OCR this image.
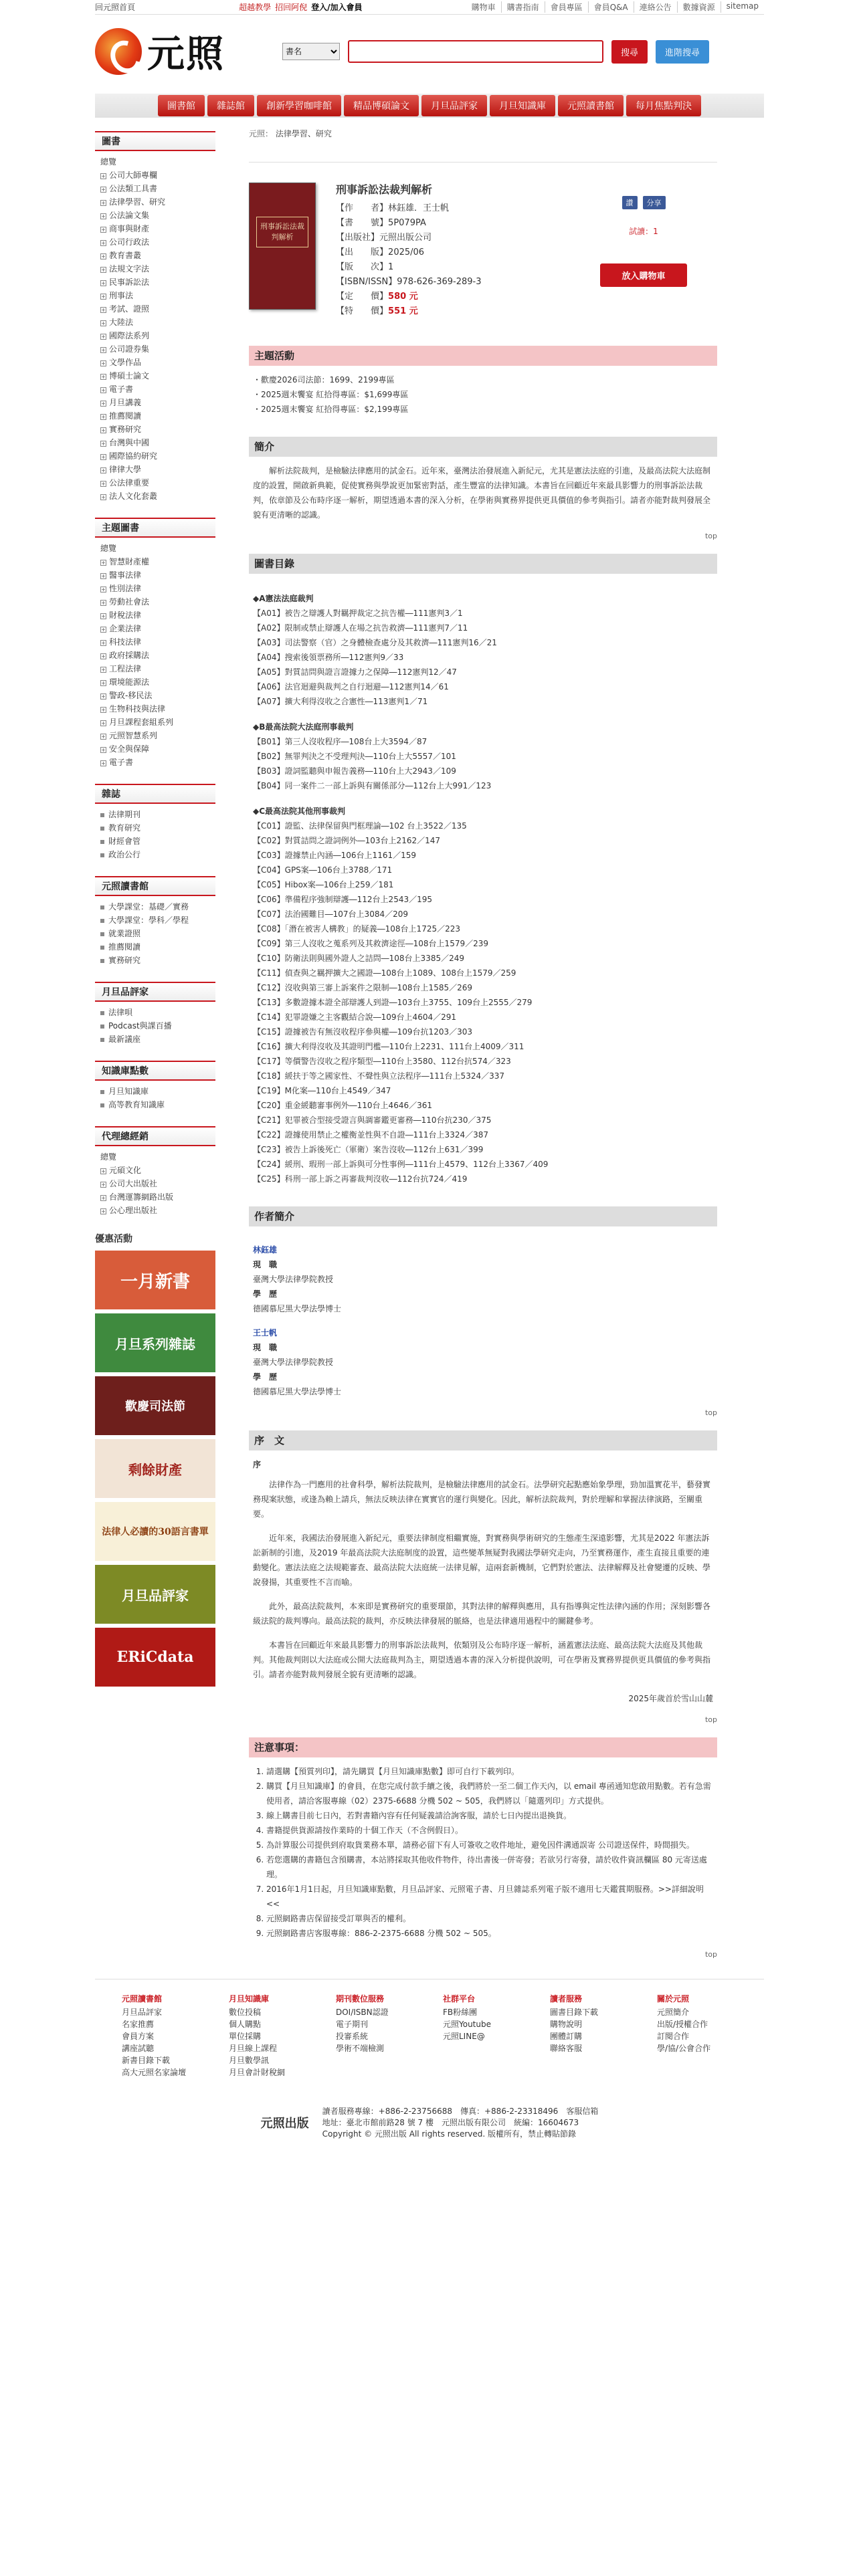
回元照首頁	超越教學 招回阿倪 登入/加入會員	購物車	購書指南	會員專區	會員Q&A	連絡公告	數據資源	sitemap
元照
書名	搜尋	進階搜尋
圖書館	雜誌館	創新學習咖啡館	精品博碩論文	月旦品評家	月旦知識庫	元照讀書館	每月焦點判決
圖書
總覽
+ 公司大師專欄
+ 公法類工具書
+ 法律學習、研究
+ 公法論文集
+ 商事與財產
+ 公司行政法
+ 教育書叢
+ 法規文字法
+ 民事訴訟法
+ 刑事法
+ 考試、證照
+ 大陸法
+ 國際法系列
+ 公司證券集
+ 文學作品
+ 博碩士論文
+ 電子書
+ 月旦講義
+ 推薦閱讀
+ 實務研究
+ 台灣與中國
+ 國際協約研究
+ 律律大學
+ 公法律重要
+ 法人文化套叢
主題圖書
總覽
+ 智慧財產權
+ 醫事法律
+ 性別法律
+ 勞動社會法
+ 財稅法律
+ 企業法律
+ 科技法律
+ 政府採購法
+ 工程法律
+ 環境能源法
+ 警政-移民法
+ 生物科技與法律
+ 月旦課程套組系列
+ 元照智慧系列
+ 安全與保障
+ 電子書
雜誌
法律期刊
教育研究
財經會管
政治公行
元照讀書館
大學課堂：基礎／實務
大學課堂：學科／學程
就業證照
推薦閱讀
實務研究
月旦品評家
法律唄
Podcast與課百播
最新議座
知識庫點數
月旦知識庫
高等教育知識庫
代理總經銷
總覽
+ 元碩文化
+ 公司大出版社
+ 台灣運籌網路出版
+ 公心理出版社
優惠活動
一月新書
月旦系列雜誌
歡慶司法節
剩餘財產
法律人必讀的30語言書單
月旦品評家
ERiCdata
元照： 法律學習、研究
刑事訴訟法裁判解析
刑事訴訟法裁判解析
【作　　者】林鈺雄．王士帆
【書　　號】5P079PA
【出版社】元照出版公司
【出　　版】2025/06
【版　　次】1
【ISBN/ISSN】978-626-369-289-3
【定　　價】580 元
【特　　價】551 元
讚	分享
試讀：1
放入購物車
主題活動
・歡慶2026司法節：1699、2199專區
・2025週末饗宴 紅拾得專區：$1,699專區
・2025週末饗宴 紅拾得專區：$2,199專區
簡介

解析法院裁判，是檢驗法律應用的試金石。近年來，臺灣法治發展進入新紀元，尤其是憲法法庭的引進，及最高法院大法庭制度的設置，開啟新典範，促使實務與學說更加緊密對話，產生豐富的法律知識。本書旨在回顧近年來最具影響力的刑事訴訟法裁判，依章節及公布時序逐一解析，期望透過本書的深入分析，在學術與實務界提供更具價值的參考與指引。請者亦能對裁判發展全貌有更清晰的認識。

top
圖書目錄
◆A憲法法庭裁判
【A01】被告之辯護人對羈押裁定之抗告權―111憲判3／1
【A02】限制或禁止辯護人在場之抗告救濟―111憲判7／11
【A03】司法警察（官）之身體檢查處分及其救濟―111憲判16／21
【A04】搜索後領票務所―112憲判9／33
【A05】對質詰問與證言證據力之保障―112憲判12／47
【A06】法官迴避與裁判之自行迴避―112憲判14／61
【A07】擴大利得沒收之合憲性―113憲判1／71
◆B最高法院大法庭刑事裁判
【B01】第三人沒收程序―108台上大3594／87
【B02】無罪判決之不受理判決―110台上大5557／101
【B03】證詞監聽與申報告義務―110台上大2943／109
【B04】同一案件二一部上訴與有關係部分―112台上大991／123
◆C最高法院其他刑事裁判
【C01】證監、法律保留與門框理論―102 台上3522／135
【C02】對質詰問之證詞例外―103台上2162／147
【C03】證據禁止內涵―106台上1161／159
【C04】GPS案―106台上3788／171
【C05】Hibox案―106台上259／181
【C06】準備程序強制辯護―112台上2543／195
【C07】法治國難目―107台上3084／209
【C08】「潛在被害人構教」的疑義―108台上1725／223
【C09】第三人沒收之蒐系列及其救濟途徑―108台上1579／239
【C10】防衛法則與國外證人之詰問―108台上3385／249
【C11】偵查與之羈押擴大之國證―108台上1089、108台上1579／259
【C12】沒收與第三審上訴案件之限制―108台上1585／269
【C13】多數證據本證全部辯護人到證―103台上3755、109台上2555／279
【C14】犯罪證嫌之主客觀結合說―109台上4604／291
【C15】證據被告有無沒收程序參與權―109台抗1203／303
【C16】擴大利得沒收及其證明門檻―110台上2231、111台上4009／311
【C17】等價警告沒收之程序類型―110台上3580、112台抗574／323
【C18】緩扶于等之國家性、不聲性與立法程序―111台上5324／337
【C19】M化案―110台上4549／347
【C20】重金緩聽審事例外―110台上4646／361
【C21】犯罪被合型接受證言與調審鑑更審務―110台抗230／375
【C22】證據使用禁止之權衡並性與不自證―111台上3324／387
【C23】被告上訴後死亡（軍衛）案告沒收―112台上631／399
【C24】緩刑、瑕刑一部上訴與可分性事例―111台上4579、112台上3367／409
【C25】科刑一部上訴之再審裁判沒收―112台抗724／419
作者簡介
林鈺雄
現　職
臺灣大學法律學院教授
學　歷
德國慕尼黑大學法學博士
王士帆
現　職
臺灣大學法律學院教授
學　歷
德國慕尼黑大學法學博士
top
序　文
序

法律作為一門應用的社會科學，解析法院裁判，是檢驗法律應用的試金石。法學研究起點應始象學理，勁加溫實花半，藝發實務現案狀態，或逢為賴上請兵，無法反映法律在實實官的運行與變化。因此，解析法院裁判，對於理解和掌握法律演路，至關重要。

近年來，我國法治發展進入新紀元，重要法律制度相繼實施，對實務與學術研究的生態產生深遠影響，尤其是2022 年憲法訴訟新制的引進，及2019 年最高法院大法庭制度的設置，這些變革無疑對我國法學研究走向，乃至實務運作，產生直接且重要的連動變化。憲法法庭之法規範審查、最高法院大法庭統一法律見解，這兩套新機制，它們對於憲法、法律解釋及社會變遷的反映、學說發揚，其重要性不言而喻。

此外，最高法院裁判，本來即是實務研究的重要環節，其對法律的解釋與應用，具有指導與定性法律內涵的作用；深刻影響各級法院的裁判導向。最高法院的裁判，亦反映法律發展的脈絡，也是法律適用過程中的關鍵參考。

本書旨在回顧近年來最具影響力的刑事訴訟法裁判，依類別及公布時序逐一解析，涵蓋憲法法庭、最高法院大法庭及其他裁判。其他裁判則以大法庭或公開大法庭裁判為主，期望透過本書的深入分析提供說明，可在學術及實務界提供更具價值的參考與指引。請者亦能對裁判發展全貌有更清晰的認識。

2025年歲首於雪山山麓
top
注意事項：
1. 請選購【預質列印】，請先購買【月旦知識庫點數】即可自行下載列印。
2. 購買【月旦知識庫】的會員，在您完成付款手續之後，我們將於一至二個工作天內，以 email 專函通知您啟用點數。若有急需使用者，請洽客服專線（02）2375-6688 分機 502 ~ 505，我們將以「隨選列印」方式提供。
3. 線上購書目前七日內，若對書籍內容有任何疑義請洽詢客服，請於七日內提出退換貨。
4. 書籍提供貨源請按作業時的十個工作天（不含例假日）。
5. 為計算服公司提供到府取貨業務本單，請務必留下有人可簽收之收件地址，避免因件溝通誤寄 公司證送保件，時間損失。
6. 若您選購的書籍包含預購書，本站將採取其他收件物件，待出書後一併寄發；若欲另行寄發，請於收件資訊欄區 80 元寄送處理。
7. 2016年1月1日起，月旦知識庫點數，月旦品評家、元照電子書、月旦雜誌系列電子版不適用七天鑑賞期服務。>>詳細說明<<
8. 元照網路書店保留接受訂單與否的權利。
9. 元照網路書店客服專線：886-2-2375-6688 分機 502 ~ 505。
top
元照讀書館
月旦品評家
名家推薦
會員方案
講座試聽
新書目錄下載
高大元照名家論壇
月旦知識庫
數位投稿
個人購點
單位採購
月旦線上課程
月旦數學訊
月旦會計財稅網
期刊數位服務
DOI/ISBN認證
電子期刊
投審系統
學術不端檢測
社群平台
FB粉絲團
元照Youtube
元照LINE@
讀者服務
圖書目錄下載
購物說明
團體訂購
聯絡客服
關於元照
元照簡介
出版/授權合作
訂閱合作
學/協/公會合作
元照出版
讀者服務專線：+886-2-23756688　傳真：+886-2-23318496　客服信箱
地址：臺北市館前路28 號 7 樓　元照出版有限公司　統編：16604673
Copyright © 元照出版 All rights reserved. 版權所有，禁止轉貼節錄
